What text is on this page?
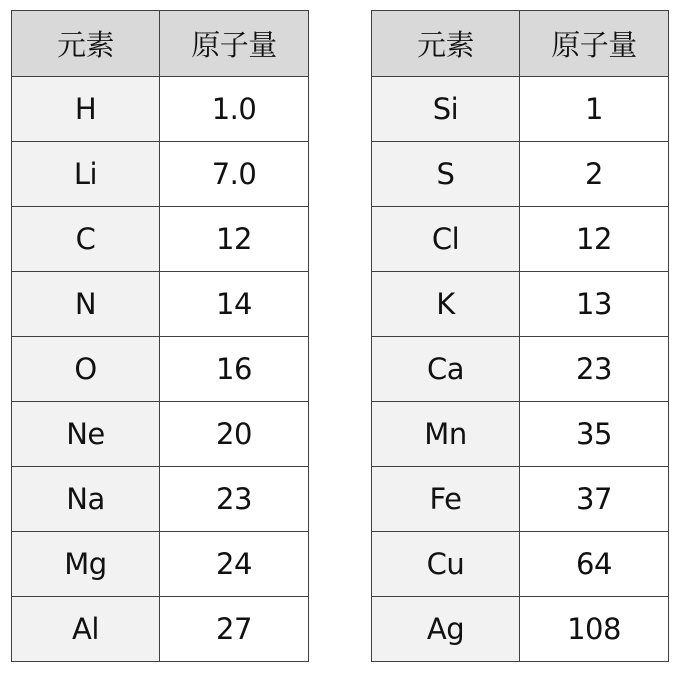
元素	原子量
H	1.0
Li	7.0
C	12
N	14
O	16
Ne	20
Na	23
Mg	24
Al	27
元素	原子量
Si	1
S	2
Cl	12
K	13
Ca	23
Mn	35
Fe	37
Cu	64
Ag	108
